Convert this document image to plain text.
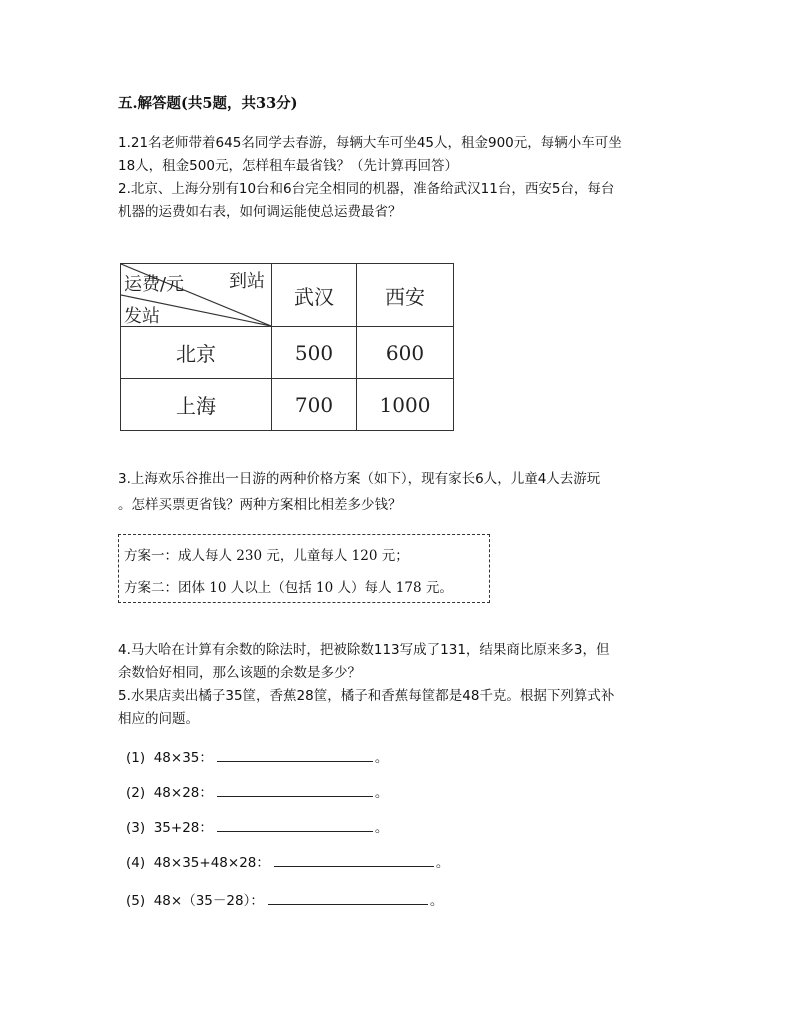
五.解答题(共5题，共33分)
1.21名老师带着645名同学去春游，每辆大车可坐45人，租金900元，每辆小车可坐
18人，租金500元，怎样租车最省钱？（先计算再回答）
2.北京、上海分别有10台和6台完全相同的机器，准备给武汉11台，西安5台，每台
机器的运费如右表，如何调运能使总运费最省？
运费/元 到站
发站	武汉	西安
北京	500	600
上海	700	1000
3.上海欢乐谷推出一日游的两种价格方案（如下），现有家长6人，儿童4人去游玩
。怎样买票更省钱？两种方案相比相差多少钱？
方案一：成人每人 230 元，儿童每人 120 元；
方案二：团体 10 人以上（包括 10 人）每人 178 元。
4.马大哈在计算有余数的除法时，把被除数113写成了131，结果商比原来多3，但
余数恰好相同，那么该题的余数是多少？
5.水果店卖出橘子35筐，香蕉28筐，橘子和香蕉每筐都是48千克。根据下列算式补
相应的问题。
(1)
48×35：	。
(2)
48×28：	。
(3)
35+28：	。
(4)
48×35+48×28：	。
(5)
48×（35－28）：	。
